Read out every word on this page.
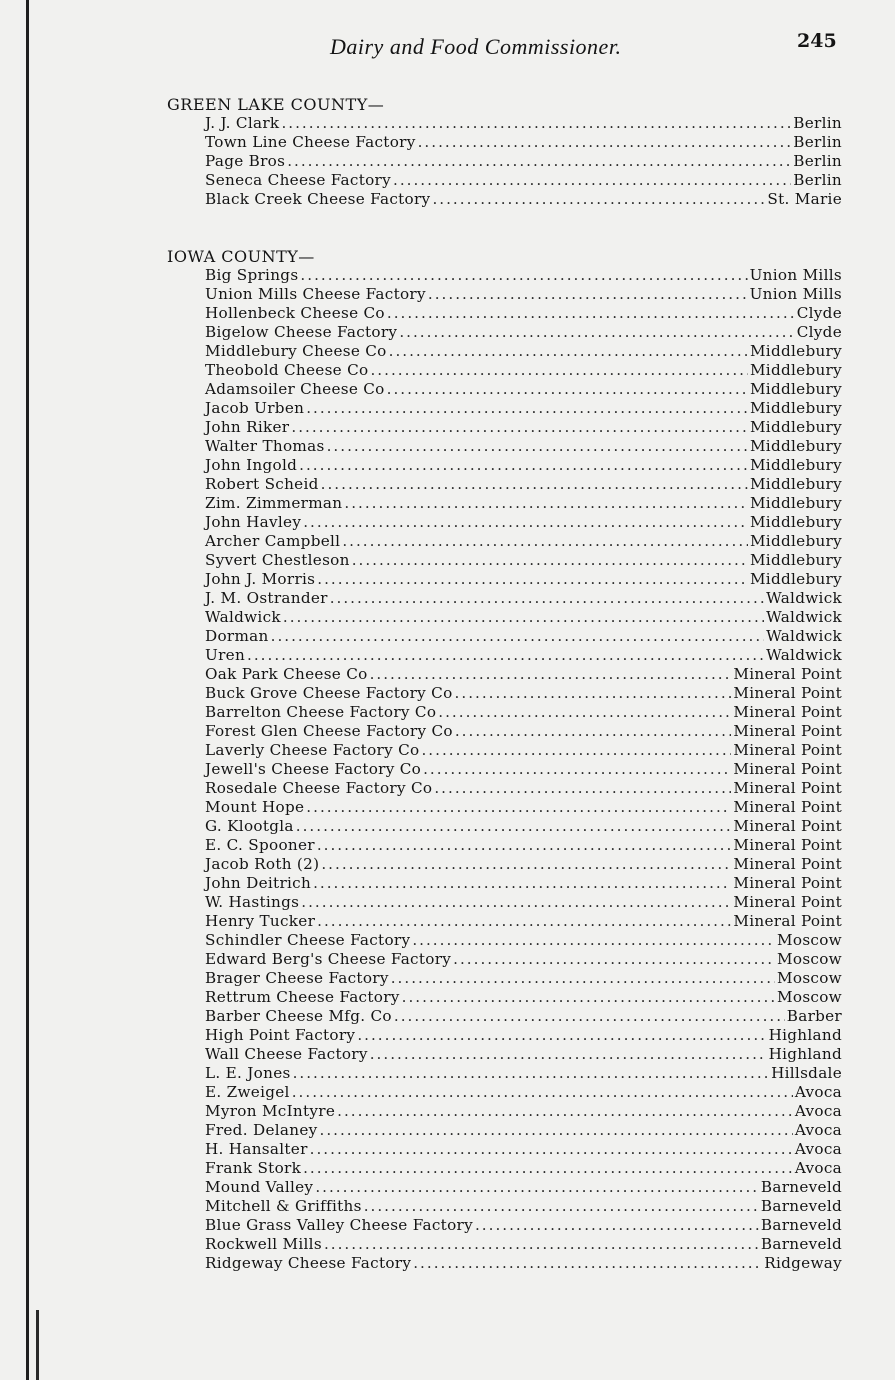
Dairy and Food Commissioner.	245
GREEN LAKE COUNTY—
J. J. Clark .....	Berlin
Town Line Cheese Factory .....	Berlin
Page Bros .....	Berlin
Seneca Cheese Factory .....	Berlin
Black Creek Cheese Factory .....	St. Marie
IOWA COUNTY—
Big Springs .....	Union Mills
Union Mills Cheese Factory .....	Union Mills
Hollenbeck Cheese Co .....	Clyde
Bigelow Cheese Factory .....	Clyde
Middlebury Cheese Co .....	Middlebury
Theobold Cheese Co .....	Middlebury
Adamsoiler Cheese Co .....	Middlebury
Jacob Urben .....	Middlebury
John Riker .....	Middlebury
Walter Thomas .....	Middlebury
John Ingold .....	Middlebury
Robert Scheid .....	Middlebury
Zim. Zimmerman .....	Middlebury
John Havley .....	Middlebury
Archer Campbell .....	Middlebury
Syvert Chestleson .....	Middlebury
John J. Morris .....	Middlebury
J. M. Ostrander .....	Waldwick
Waldwick .....	Waldwick
Dorman .....	Waldwick
Uren .....	Waldwick
Oak Park Cheese Co .....	Mineral Point
Buck Grove Cheese Factory Co .....	Mineral Point
Barrelton Cheese Factory Co .....	Mineral Point
Forest Glen Cheese Factory Co .....	Mineral Point
Laverly Cheese Factory Co .....	Mineral Point
Jewell's Cheese Factory Co .....	Mineral Point
Rosedale Cheese Factory Co .....	Mineral Point
Mount Hope .....	Mineral Point
G. Klootgla .....	Mineral Point
E. C. Spooner .....	Mineral Point
Jacob Roth (2) .....	Mineral Point
John Deitrich .....	Mineral Point
W. Hastings .....	Mineral Point
Henry Tucker .....	Mineral Point
Schindler Cheese Factory .....	Moscow
Edward Berg's Cheese Factory .....	Moscow
Brager Cheese Factory .....	Moscow
Rettrum Cheese Factory .....	Moscow
Barber Cheese Mfg. Co .....	Barber
High Point Factory .....	Highland
Wall Cheese Factory .....	Highland
L. E. Jones .....	Hillsdale
E. Zweigel .....	Avoca
Myron McIntyre .....	Avoca
Fred. Delaney .....	Avoca
H. Hansalter .....	Avoca
Frank Stork .....	Avoca
Mound Valley .....	Barneveld
Mitchell & Griffiths .....	Barneveld
Blue Grass Valley Cheese Factory .....	Barneveld
Rockwell Mills .....	Barneveld
Ridgeway Cheese Factory .....	Ridgeway
